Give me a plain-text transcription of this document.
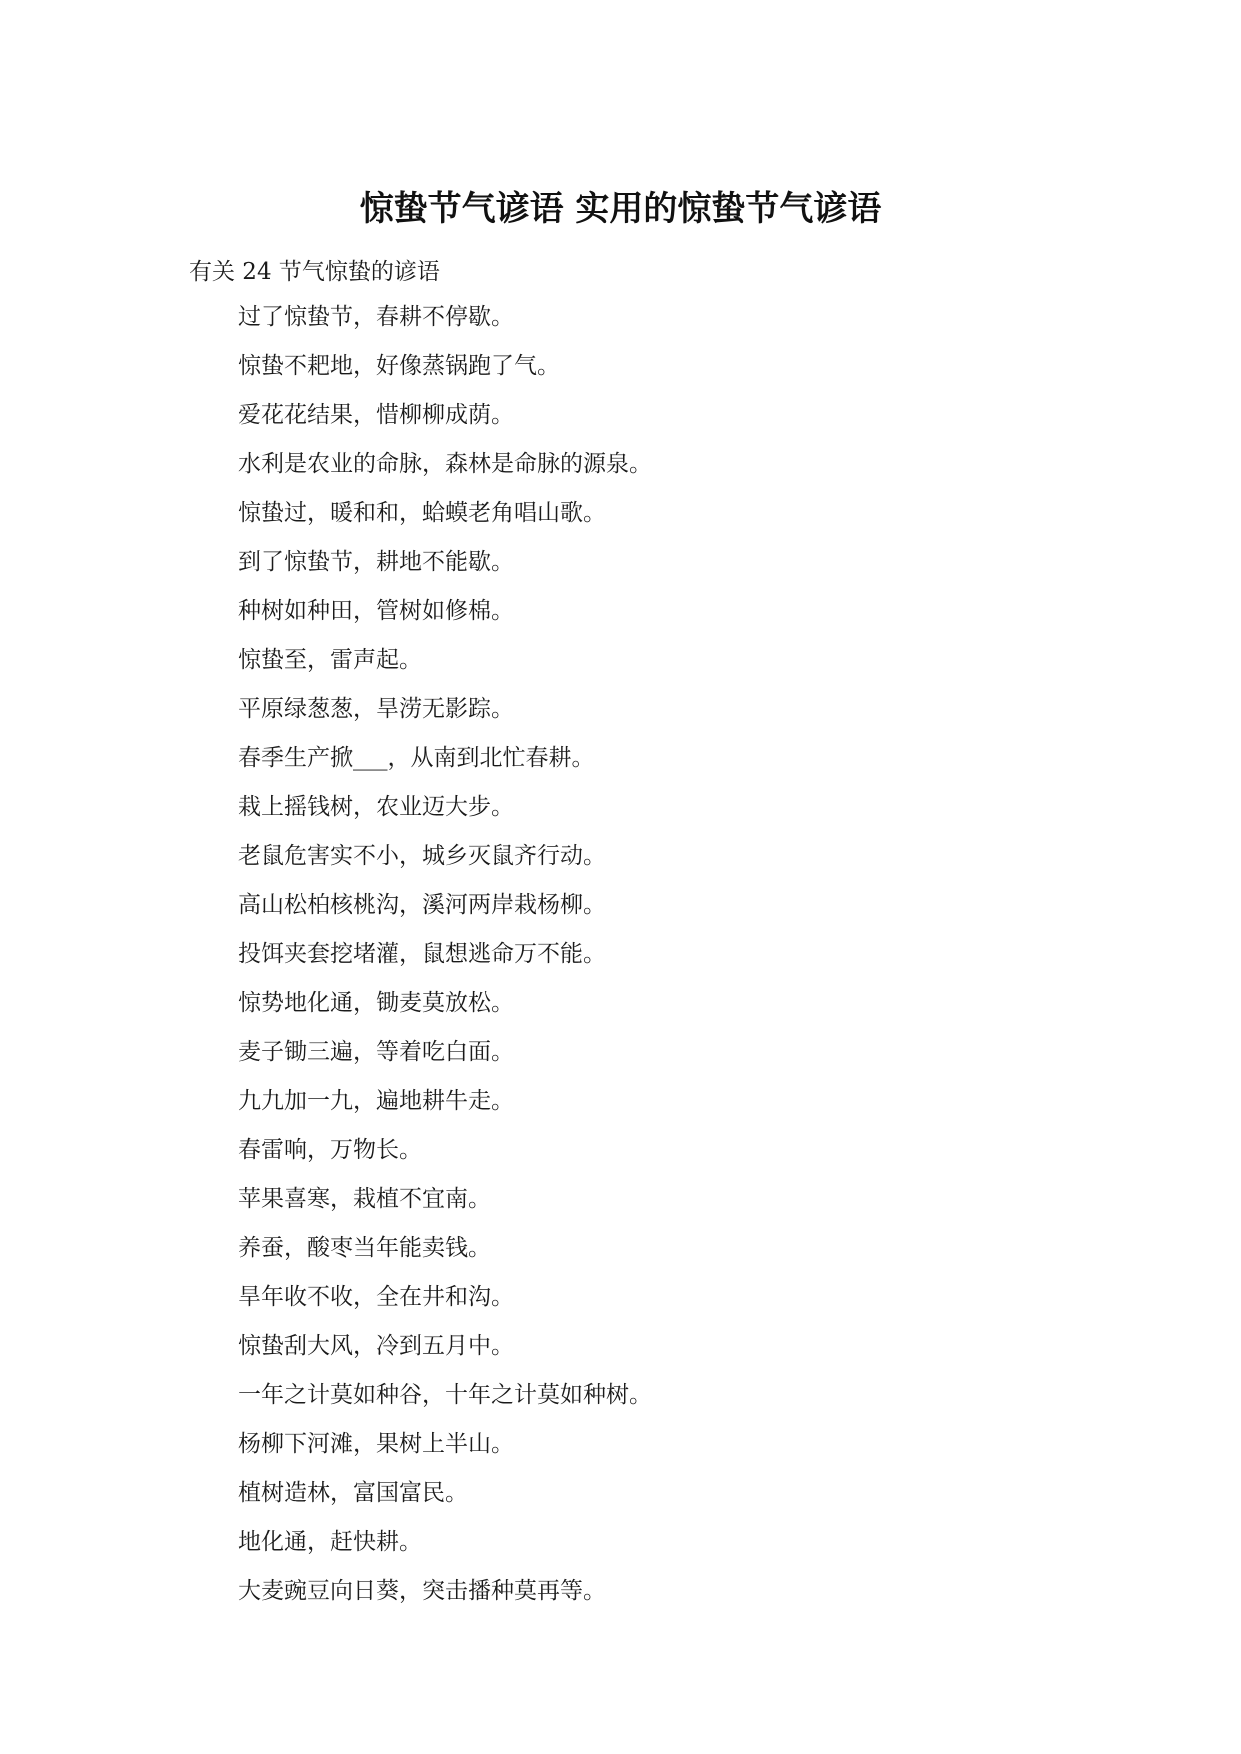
惊蛰节气谚语 实用的惊蛰节气谚语

有关 24 节气惊蛰的谚语

过了惊蛰节，春耕不停歇。
惊蛰不耙地，好像蒸锅跑了气。
爱花花结果，惜柳柳成荫。
水利是农业的命脉，森林是命脉的源泉。
惊蛰过，暖和和，蛤蟆老角唱山歌。
到了惊蛰节，耕地不能歇。
种树如种田，管树如修棉。
惊蛰至，雷声起。
平原绿葱葱，旱涝无影踪。
春季生产掀___，从南到北忙春耕。
栽上摇钱树，农业迈大步。
老鼠危害实不小，城乡灭鼠齐行动。
高山松柏核桃沟，溪河两岸栽杨柳。
投饵夹套挖堵灌，鼠想逃命万不能。
惊势地化通，锄麦莫放松。
麦子锄三遍，等着吃白面。
九九加一九，遍地耕牛走。
春雷响，万物长。
苹果喜寒，栽植不宜南。
养蚕，酸枣当年能卖钱。
旱年收不收，全在井和沟。
惊蛰刮大风，冷到五月中。
一年之计莫如种谷，十年之计莫如种树。
杨柳下河滩，果树上半山。
植树造林，富国富民。
地化通，赶快耕。
大麦豌豆向日葵，突击播种莫再等。
